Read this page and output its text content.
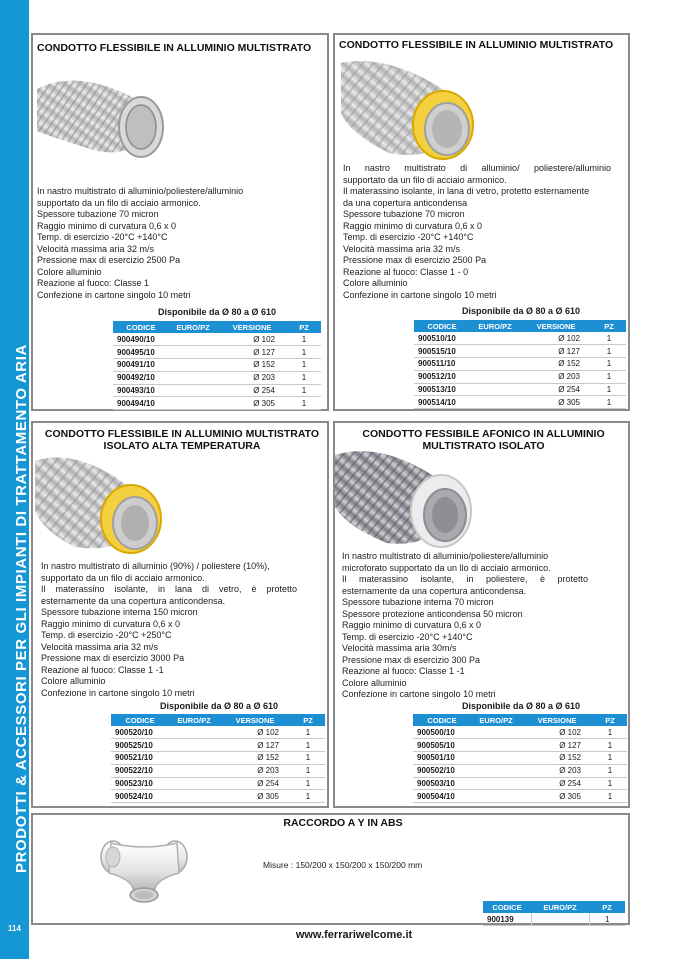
PRODOTTI & ACCESSORI PER GLI IMPIANTI DI TRATTAMENTO ARIA
114
CONDOTTO FLESSIBILE IN ALLUMINIO MULTISTRATO
In nastro multistrato di alluminio/poliestere/alluminio
supportato da un filo di acciaio armonico.
Spessore tubazione 70 micron
Raggio minimo di curvatura 0,6 x 0
Temp. di esercizio -20°C +140°C
Velocità massima aria 32 m/s
Pressione max di esercizio 2500 Pa
Colore alluminio
Reazione al fuoco: Classe 1
Confezione in cartone singolo 10 metri
Disponibile da Ø 80 a Ø 610
CODICE	EURO/PZ	VERSIONE	PZ
900490/10		Ø 102	1
900495/10		Ø 127	1
900491/10		Ø 152	1
900492/10		Ø 203	1
900493/10		Ø 254	1
900494/10		Ø 305	1
CONDOTTO FLESSIBILE IN ALLUMINIO MULTISTRATO
In nastro multistrato di alluminio/ poliestere/alluminio
supportato da un filo di acciaio armonico.
Il materassino isolante, in lana di vetro, protetto esternamente
da una copertura anticondensa
Spessore tubazione 70 micron
Raggio minimo di curvatura 0,6 x 0
Temp. di esercizio -20°C +140°C
Velocità massima aria 32 m/s
Pressione max di esercizio 2500 Pa
Reazione al fuoco: Classe 1 - 0
Colore alluminio
Confezione in cartone singolo 10 metri
Disponibile da Ø 80 a Ø 610
CODICE	EURO/PZ	VERSIONE	PZ
900510/10		Ø 102	1
900515/10		Ø 127	1
900511/10		Ø 152	1
900512/10		Ø 203	1
900513/10		Ø 254	1
900514/10		Ø 305	1
CONDOTTO FLESSIBILE IN ALLUMINIO MULTISTRATO
ISOLATO ALTA TEMPERATURA
In nastro multistrato di alluminio (90%) / poliestere (10%),
supportato da un filo di acciaio armonico.
Il materassino isolante, in lana di vetro, è protetto
esternamente da una copertura anticondensa.
Spessore tubazione interna 150 micron
Raggio minimo di curvatura 0,6 x 0
Temp. di esercizio -20°C +250°C
Velocità massima aria 32 m/s
Pressione max di esercizio 3000 Pa
Reazione al fuoco: Classe 1 -1
Colore alluminio
Confezione in cartone singolo 10 metri
Disponibile da Ø 80 a Ø 610
CODICE	EURO/PZ	VERSIONE	PZ
900520/10		Ø 102	1
900525/10		Ø 127	1
900521/10		Ø 152	1
900522/10		Ø 203	1
900523/10		Ø 254	1
900524/10		Ø 305	1
CONDOTTO FESSIBILE AFONICO IN ALLUMINIO
MULTISTRATO ISOLATO
In nastro multistrato di alluminio/poliestere/alluminio
microforato supportato da un llo di acciaio armonico.
Il materassino isolante, in poliestere, è protetto
esternamente da una copertura anticondensa.
Spessore tubazione interna 70 micron
Spessore protezione anticondensa 50 micron
Raggio minimo di curvatura 0,6 x 0
Temp. di esercizio -20°C +140°C
Velocità massima aria 30m/s
Pressione max di esercizio 300 Pa
Reazione al fuoco: Classe 1 -1
Colore alluminio
Confezione in cartone singolo 10 metri
Disponibile da Ø 80 a Ø 610
CODICE	EURO/PZ	VERSIONE	PZ
900500/10		Ø 102	1
900505/10		Ø 127	1
900501/10		Ø 152	1
900502/10		Ø 203	1
900503/10		Ø 254	1
900504/10		Ø 305	1
RACCORDO A Y IN ABS
Misure : 150/200 x 150/200 x 150/200 mm
CODICE	EURO/PZ	PZ
900139		1
www.ferrariwelcome.it
